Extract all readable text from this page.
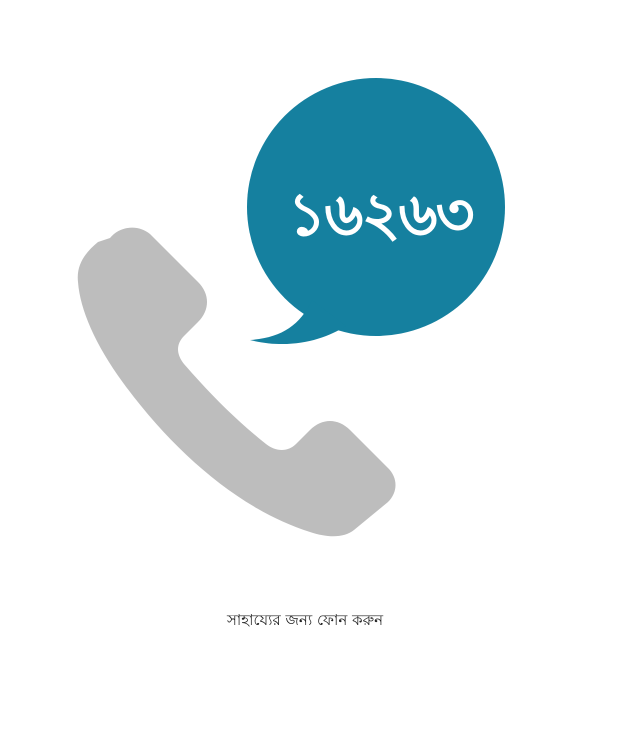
১৬২৬৩
সাহায্যের জন্য ফোন করুন
